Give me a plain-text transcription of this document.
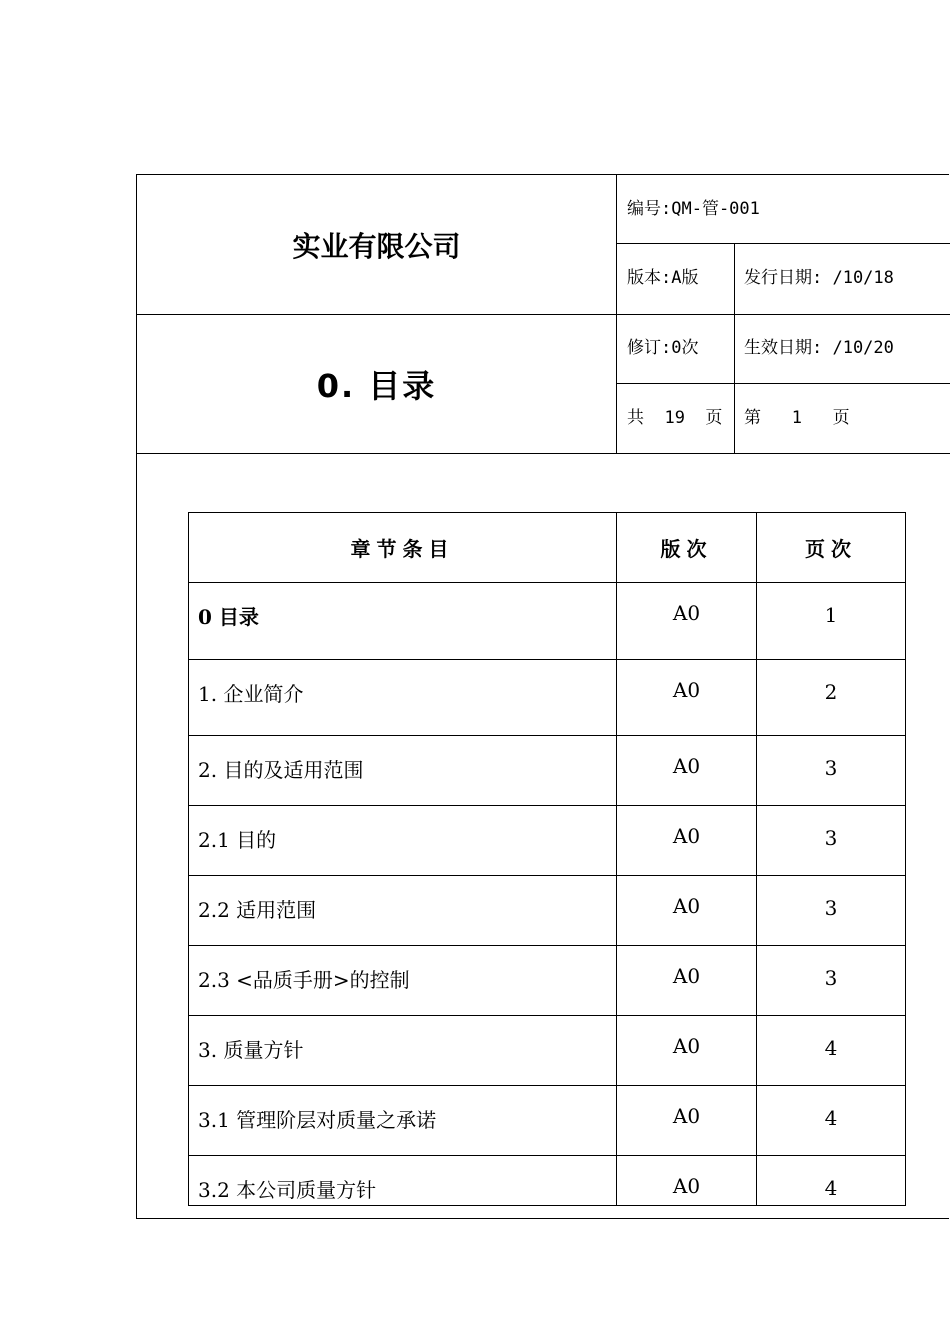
实业有限公司
0. 目录
编号:QM-管-001
版本:A版	发行日期: /10/18
修订:0次	生效日期: /10/20
共  19  页 第   1   页
章节条目	版次	页次
0 目录	A0	1
1. 企业简介	A0	2
2. 目的及适用范围	A0	3
2.1 目的	A0	3
2.2 适用范围	A0	3
2.3 <品质手册>的控制	A0	3
3. 质量方针	A0	4
3.1 管理阶层对质量之承诺	A0	4
3.2 本公司质量方针	A0	4
